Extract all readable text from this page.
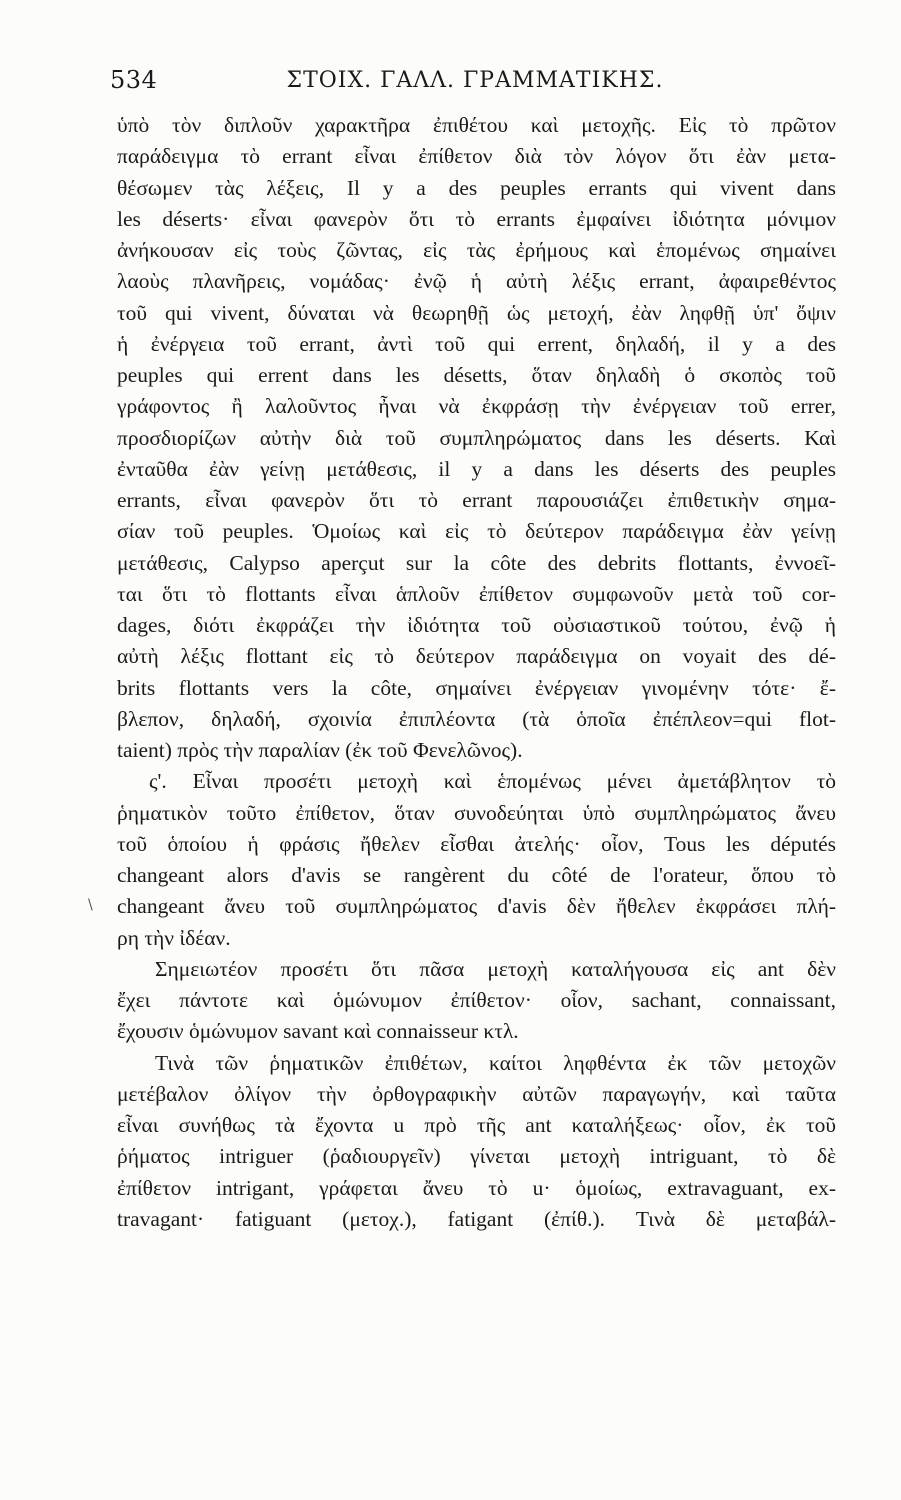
534	ΣΤΟΙΧ. ΓΑΛΛ. ΓΡΑΜΜΑΤΙΚΗΣ.
\
ὑπὸ τὸν διπλοῦν χαρακτῆρα ἐπιθέτου καὶ μετοχῆς. Εἰς τὸ πρῶτον
παράδειγμα τὸ errant εἶναι ἐπίθετον διὰ τὸν λόγον ὅτι ἐὰν μετα-
θέσωμεν τὰς λέξεις, Il y a des peuples errants qui vivent dans
les déserts· εἶναι φανερὸν ὅτι τὸ errants ἐμφαίνει ἰδιότητα μόνιμον
ἀνήκουσαν εἰς τοὺς ζῶντας, εἰς τὰς ἐρήμους καὶ ἑπομένως σημαίνει
λαοὺς πλανῆρεις, νομάδας· ἐνῷ ἡ αὐτὴ λέξις errant, ἀφαιρεθέντος
τοῦ qui vivent, δύναται νὰ θεωρηθῇ ὡς μετοχή, ἐὰν ληφθῇ ὑπ' ὄψιν
ἡ ἐνέργεια τοῦ errant, ἀντὶ τοῦ qui errent, δηλαδή, il y a des
peuples qui errent dans les désetts, ὅταν δηλαδὴ ὁ σκοπὸς τοῦ
γράφοντος ἢ λαλοῦντος ἦναι νὰ ἐκφράσῃ τὴν ἐνέργειαν τοῦ errer,
προσδιορίζων αὐτὴν διὰ τοῦ συμπληρώματος dans les déserts. Καὶ
ἐνταῦθα ἐὰν γείνῃ μετάθεσις, il y a dans les déserts des peuples
errants, εἶναι φανερὸν ὅτι τὸ errant παρουσιάζει ἐπιθετικὴν σημα-
σίαν τοῦ peuples. Ὁμοίως καὶ εἰς τὸ δεύτερον παράδειγμα ἐὰν γείνῃ
μετάθεσις, Calypso aperçut sur la côte des debrits flottants, ἐννοεῖ-
ται ὅτι τὸ flottants εἶναι ἁπλοῦν ἐπίθετον συμφωνοῦν μετὰ τοῦ cor-
dages, διότι ἐκφράζει τὴν ἰδιότητα τοῦ οὐσιαστικοῦ τούτου, ἐνῷ ἡ
αὐτὴ λέξις flottant εἰς τὸ δεύτερον παράδειγμα on voyait des dé-
brits flottants vers la côte, σημαίνει ἐνέργειαν γινομένην τότε· ἔ-
βλεπον, δηλαδή, σχοινία ἐπιπλέοντα (τὰ ὁποῖα ἐπέπλεον=qui flot-
taient) πρὸς τὴν παραλίαν (ἐκ τοῦ Φενελῶνος).
ς'. Εἶναι προσέτι μετοχὴ καὶ ἑπομένως μένει ἀμετάβλητον τὸ
ῥηματικὸν τοῦτο ἐπίθετον, ὅταν συνοδεύηται ὑπὸ συμπληρώματος ἄνευ
τοῦ ὁποίου ἡ φράσις ἤθελεν εἶσθαι ἀτελής· οἷον, Tous les députés
changeant alors d'avis se rangèrent du côté de l'orateur, ὅπου τὸ
changeant ἄνευ τοῦ συμπληρώματος d'avis δὲν ἤθελεν ἐκφράσει πλή-
ρη τὴν ἰδέαν.
Σημειωτέον προσέτι ὅτι πᾶσα μετοχὴ καταλήγουσα εἰς ant δὲν
ἔχει πάντοτε καὶ ὁμώνυμον ἐπίθετον· οἷον, sachant, connaissant,
ἔχουσιν ὁμώνυμον savant καὶ connaisseur κτλ.
Τινὰ τῶν ῥηματικῶν ἐπιθέτων, καίτοι ληφθέντα ἐκ τῶν μετοχῶν
μετέβαλον ὀλίγον τὴν ὀρθογραφικὴν αὐτῶν παραγωγήν, καὶ ταῦτα
εἶναι συνήθως τὰ ἔχοντα u πρὸ τῆς ant καταλήξεως· οἷον, ἐκ τοῦ
ῥήματος intriguer (ῥαδιουργεῖν) γίνεται μετοχὴ intriguant, τὸ δὲ
ἐπίθετον intrigant, γράφεται ἄνευ τὸ u· ὁμοίως, extravaguant, ex-
travagant· fatiguant (μετοχ.), fatigant (ἐπίθ.). Τινὰ δὲ μεταβάλ-
